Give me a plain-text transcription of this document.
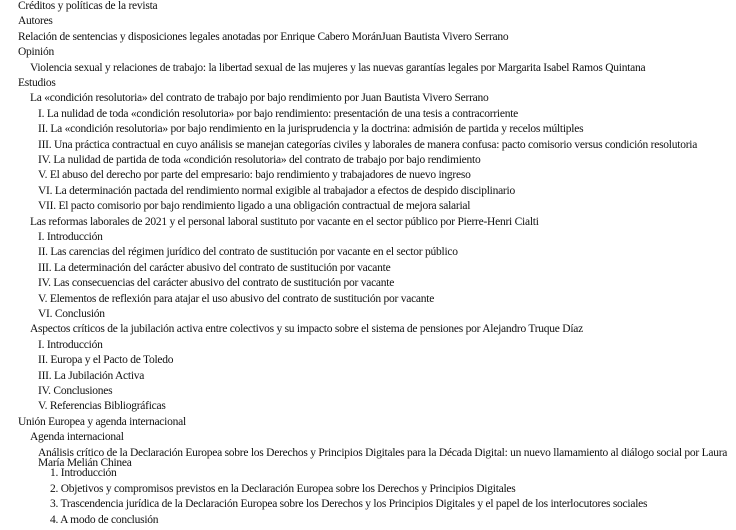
Créditos y políticas de la revista
Autores
Relación de sentencias y disposiciones legales anotadas por Enrique Cabero MoránJuan Bautista Vivero Serrano
Opinión
Violencia sexual y relaciones de trabajo: la libertad sexual de las mujeres y las nuevas garantías legales por Margarita Isabel Ramos Quintana
Estudios
La «condición resolutoria» del contrato de trabajo por bajo rendimiento por Juan Bautista Vivero Serrano
I. La nulidad de toda «condición resolutoria» por bajo rendimiento: presentación de una tesis a contracorriente
II. La «condición resolutoria» por bajo rendimiento en la jurisprudencia y la doctrina: admisión de partida y recelos múltiples
III. Una práctica contractual en cuyo análisis se manejan categorías civiles y laborales de manera confusa: pacto comisorio versus condición resolutoria
IV. La nulidad de partida de toda «condición resolutoria» del contrato de trabajo por bajo rendimiento
V. El abuso del derecho por parte del empresario: bajo rendimiento y trabajadores de nuevo ingreso
VI. La determinación pactada del rendimiento normal exigible al trabajador a efectos de despido disciplinario
VII. El pacto comisorio por bajo rendimiento ligado a una obligación contractual de mejora salarial
Las reformas laborales de 2021 y el personal laboral sustituto por vacante en el sector público por Pierre-Henri Cialti
I. Introducción
II. Las carencias del régimen jurídico del contrato de sustitución por vacante en el sector público
III. La determinación del carácter abusivo del contrato de sustitución por vacante
IV. Las consecuencias del carácter abusivo del contrato de sustitución por vacante
V. Elementos de reflexión para atajar el uso abusivo del contrato de sustitución por vacante
VI. Conclusión
Aspectos críticos de la jubilación activa entre colectivos y su impacto sobre el sistema de pensiones por Alejandro Truque Díaz
I. Introducción
II. Europa y el Pacto de Toledo
III. La Jubilación Activa
IV. Conclusiones
V. Referencias Bibliográficas
Unión Europea y agenda internacional
Agenda internacional
Análisis crítico de la Declaración Europea sobre los Derechos y Principios Digitales para la Década Digital: un nuevo llamamiento al diálogo social por Laura María Melián Chinea
1. Introducción
2. Objetivos y compromisos previstos en la Declaración Europea sobre los Derechos y Principios Digitales
3. Trascendencia jurídica de la Declaración Europea sobre los Derechos y los Principios Digitales y el papel de los interlocutores sociales
4. A modo de conclusión
